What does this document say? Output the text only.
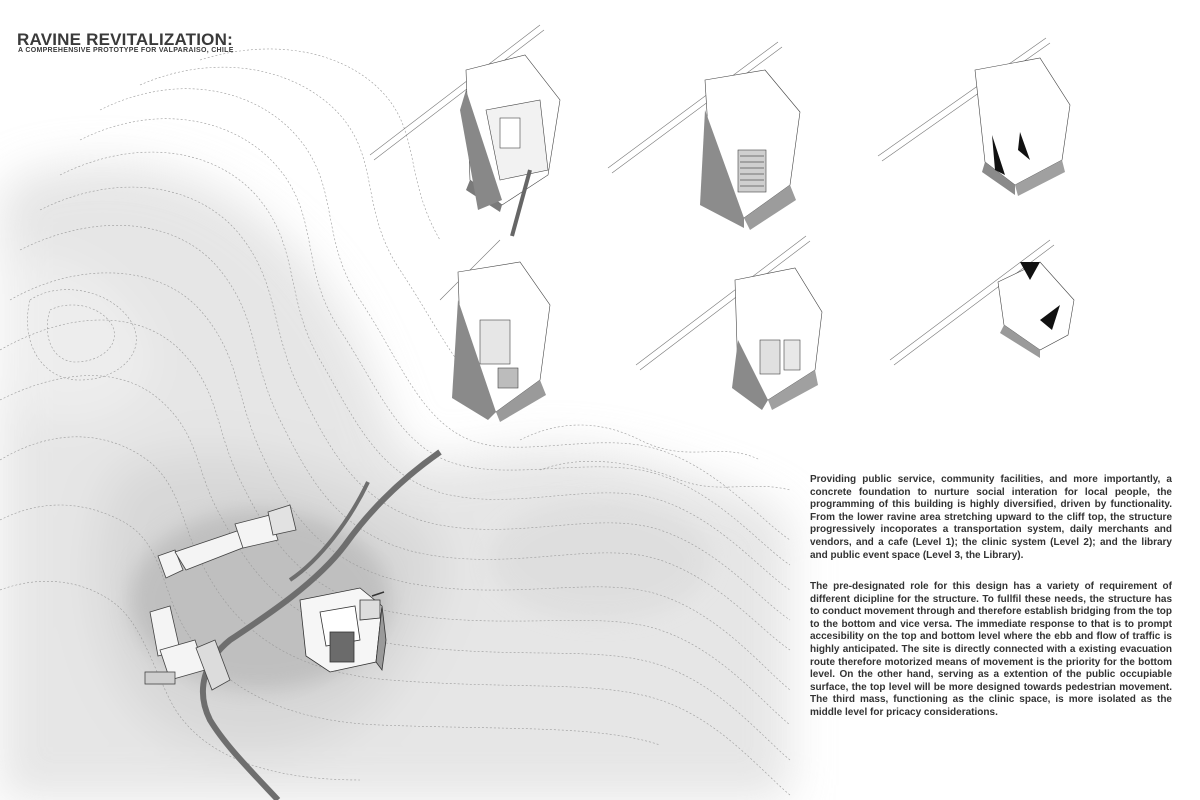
RAVINE REVITALIZATION:
A COMPREHENSIVE PROTOTYPE FOR VALPARAISO, CHILE

Providing public service, community facilities, and more importantly, a concrete foundation to nurture social interation for local people, the programming of this building is highly diversified, driven by functionality. From the lower ravine area stretching upward to the cliff top, the structure progressively incoporates a transportation system, daily merchants and vendors, and a cafe (Level 1); the clinic system (Level 2); and the library and public event space (Level 3, the Library).

The pre-designated role for this design has a variety of requirement of different dicipline for the structure. To fullfil these needs, the structure has to conduct movement through and therefore establish bridging from the top to the bottom and vice versa. The immediate response to that is to prompt accesibility on the top and bottom level where the ebb and flow of traffic is highly anticipated. The site is directly connected with a existing evacuation route thereforе motorized means of movement is the priority for the bottom level. On the other hand, serving as a extention of the public occupiable surface, the top level will be more designed towards pedestrian movement. The third mass, functioning as the clinic space, is more isolated as the middle level for pricacy considerations.
